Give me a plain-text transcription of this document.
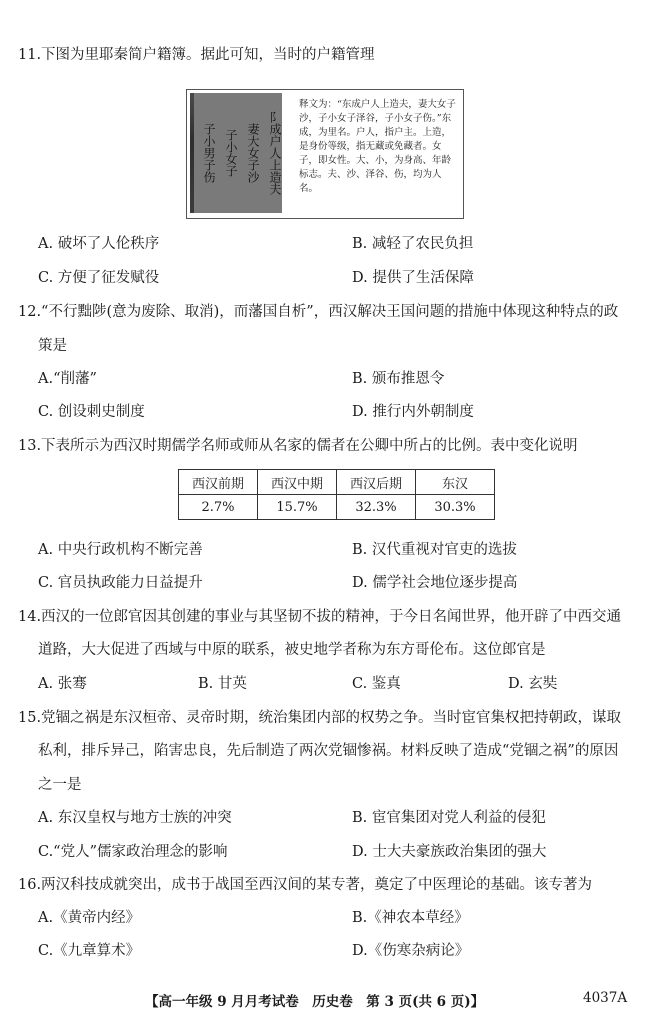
11.下图为里耶秦简户籍簿。据此可知，当时的户籍管理
子小男子伤 子小女子 妻大女子沙 阝成户人上造夫
释文为：“东成户人上造夫，妻大女子沙，子小女子泽谷，子小女子伤。”东成，为里名。户人，指户主。上造，是身份等级，指无藏或免藏者。女子，即女性。大、小，为身高、年龄标志。夫、沙、泽谷、伤，均为人名。
A. 破坏了人伦秩序	B. 减轻了农民负担
C. 方便了征发赋役	D. 提供了生活保障
12.“不行黜陟(意为废除、取消)，而藩国自析”，西汉解决王国问题的措施中体现这种特点的政
策是
A.“削藩”	B. 颁布推恩令
C. 创设刺史制度	D. 推行内外朝制度
13.下表所示为西汉时期儒学名师或师从名家的儒者在公卿中所占的比例。表中变化说明
西汉前期	西汉中期	西汉后期	东汉
2.7%	15.7%	32.3%	30.3%
A. 中央行政机构不断完善	B. 汉代重视对官吏的选拔
C. 官员执政能力日益提升	D. 儒学社会地位逐步提高
14.西汉的一位郎官因其创建的事业与其坚韧不拔的精神，于今日名闻世界，他开辟了中西交通
道路，大大促进了西域与中原的联系，被史地学者称为东方哥伦布。这位郎官是
A. 张骞	B. 甘英	C. 鉴真	D. 玄奘
15.党锢之祸是东汉桓帝、灵帝时期，统治集团内部的权势之争。当时宦官集权把持朝政，谋取
私利，排斥异己，陷害忠良，先后制造了两次党锢惨祸。材料反映了造成“党锢之祸”的原因
之一是
A. 东汉皇权与地方士族的冲突	B. 宦官集团对党人利益的侵犯
C.“党人”儒家政治理念的影响	D. 士大夫豪族政治集团的强大
16.两汉科技成就突出，成书于战国至西汉间的某专著，奠定了中医理论的基础。该专著为
A.《黄帝内经》	B.《神农本草经》
C.《九章算术》	D.《伤寒杂病论》
【高一年级 9 月月考试卷　历史卷　第 3 页(共 6 页)】	4037A
